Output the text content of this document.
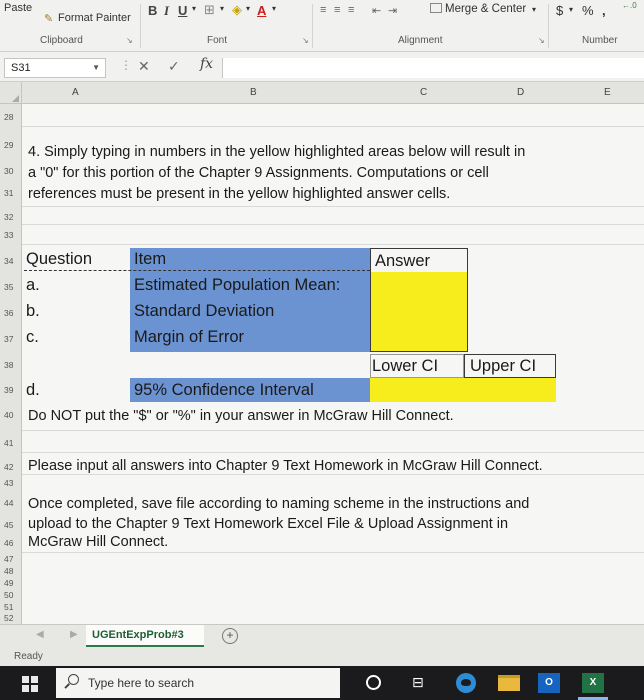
Paste
✎ Format Painter
Clipboard	↘
B I U ▾ ⊞ ▾ ◈ ▾ A ▾
Font	↘
≡ ≡ ≡ ⇤ ⇥	Merge & Center ▾
Alignment	↘
$ ▾ % , ←.0
Number
S31	▼ ⋮ ✕ ✓ fx
A	B	C	D	E
28
29
30
31
32
33
34
35
36
37
38
39
40
41
42
43
44
45
46
47
48
49
50
51
52
4. Simply typing in numbers in the yellow highlighted areas below will result in
a "0" for this portion of the Chapter 9 Assignments. Computations or cell
references must be present in the yellow highlighted answer cells.
Question	Item	Answer
a.	Estimated Population Mean:
b.	Standard Deviation
c.	Margin of Error
Lower CI Upper CI
d.	95% Confidence Interval
Do NOT put the "$" or "%" in your answer in McGraw Hill Connect.
Please input all answers into Chapter 9 Text Homework in McGraw Hill Connect.
Once completed, save file according to naming scheme in the instructions and
upload to the Chapter 9 Text Homework Excel File & Upload Assignment in
McGraw Hill Connect.
◀	▶	UGEntExpProb#3	+
Ready
Type here to search	⊟	O	X
